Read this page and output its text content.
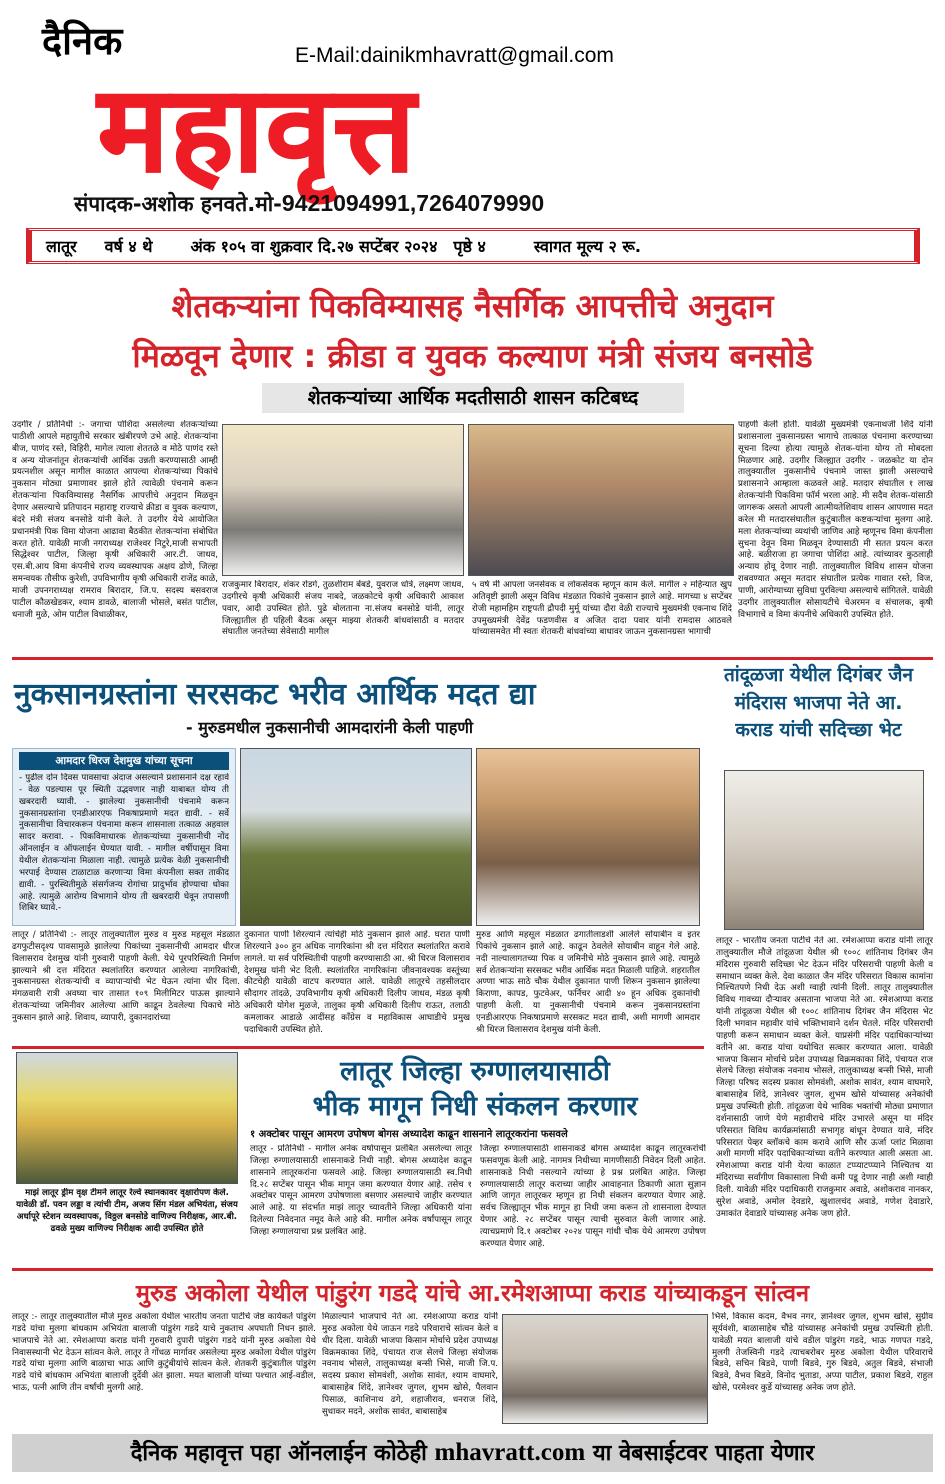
दैनिक	E-Mail:dainikmhavratt@gmail.com
महावृत्त
संपादक-अशोक हनवते.मो-9421094991,7264079990
लातूर वर्ष ४ थे अंक १०५ वा शुक्रवार दि.२७ सप्टेंबर २०२४ पृष्ठे ४	स्वागत मूल्य २ रू.
शेतकऱ्यांना पिकविम्यासह नैसर्गिक आपत्तीचे अनुदान
मिळवून देणार : क्रीडा व युवक कल्याण मंत्री संजय बनसोडे
शेतकऱ्यांच्या आर्थिक मदतीसाठी शासन कटिबध्द
उदगीर / प्रतिनिधी :- जगाचा पोशिंदा असलेल्या शेतकऱ्यांच्या पाठीशी आपले महायुतीचे सरकार खंबीरपणे उभे आहे. शेतकऱ्यांना बीज, पाणंद रस्ते, विहिरी, मागेल त्याला शेततळे व मोठे पाणंद रस्ते व अन्य योजनांतून शेतकऱ्यांची आर्थिक उन्नती करण्यासाठी आम्ही प्रयत्नशील असून मागील काळात आपल्या शेतकऱ्यांच्या पिकांचे नुकसान मोठ्या प्रमाणावर झाले होते त्यावेळी पंचनामे करून शेतकऱ्यांना पिकविम्यासह नैसर्गिक आपत्तीचे अनुदान मिळवून देणार असल्याचे प्रतिपादन महाराष्ट्र राज्याचे क्रीडा व युवक कल्याण, बंदरे मंत्री संजय बनसोडे यांनी केले. ते उदगीर येथे आयोजित प्रधानमंत्री पिक विमा योजना आढावा बैठकीत शेतकऱ्यांना संबोधित करत होते. यावेळी माजी नगराध्यक्ष राजेश्वर निटुरे,माजी सभापती सिद्धेश्वर पाटील, जिल्हा कृषी अधिकारी आर.टी. जाधव, एस.बी.आय विमा कंपनीचे राज्य व्यवस्थापक अक्षय ढोणे, जिल्हा समन्वयक तौसीफ कुरेशी, उपविभागीय कृषी अधिकारी राजेंद्र काळे, माजी उपनगराध्यक्ष रामराव बिरादार, जि.प. सदस्य बसवराज पाटील कौळखेडकर, श्याम डावळे, बालाजी भोसले, बसंत पाटील, धनाजी मुळे, ओम पाटील विधाळीकर,
राजकुमार बिरादार, शंकर रोडगे, तुळशीराम बेंबडे, युवराज धोत्रे, लक्ष्मण जाधव, उदगीरचे कृषी अधिकारी संजय नाबदे, जळकोटचे कृषी अधिकारी आकाश पवार, आदी उपस्थित होते. पुढे बोलताना ना.संजय बनसोडे यांनी, लातूर जिल्ह्यातील ही पहिली बैठक असून माझ्या शेतकरी बांधवांसाठी व मतदार संघातील जनतेच्या सेवेसाठी मागील
५ वर्ष मी आपला जनसेवक व लोकसेवक म्हणून काम केले. मागील २ महिन्यात खुप अतिवृष्टी झाली असून विविध मंडळात पिकांचे नुकसान झाले आहे. मागच्या ४ सप्टेंबर रोजी महामहिम राष्ट्रपती द्रौपदी मुर्मू यांच्या दौरा वेळी राज्याचे मुख्यमंत्री एकनाथ शिंदे उपमुख्यमंत्री देवेंद्र फडणवीस व अजित दादा पवार यांनी रामदास आठवले यांच्यासमवेत मी स्वतः शेतकरी बांधवांच्या बाधावर जाऊन नुकसानग्रस्त भागाची
पाहणी केली होती. यावेळी मुख्यमंत्री एकनाथजी शिंदे यांनी प्रशासनाला नुकसानग्रस्त भागाचे तात्काळ पंचनामा करण्याच्या सूचना दिल्या होत्या त्यामुळे शेतक-यांना योग्य तो मोबदला मिळणार आहे. उदगीर जिल्ह्यात उदगीर - जळकोट या दोन तालुक्यातील नुकसानीचे पंचनामे जास्त झाली असल्याचे प्रशासनाने आम्हाला कळवले आहे. मतदार संघातील १ लाख शेतकऱ्यांनी पिकविमा फॉर्म भरला आहे. मी सदैव शेतक-यांसाठी जागरूक असतो आपली आत्मीयतेशिवाय शासन आपणास मदत करेल मी मतदारसंघातील कुटुंबातील कष्टकऱ्यांचा मुलगा आहे. मला शेतकऱ्यांच्या व्यथांची जाणिव आहे म्हणूनच विमा कंपनीला सुचना देवून विमा मिळवून देण्यासाठी मी सतत प्रयत्न करत आहे. बळीराजा हा जगाचा पोशिंदा आहे. त्यांच्यावर कुठलाही अन्याय होवू देणार नाही. तालुक्यातील विविध शासन योजना राबवण्यात असून मतदार संघातील प्रत्येक गावात रस्ते, विज, पाणी, आरोग्याच्या सुविधा पुरविल्या असल्याचे सांगितले. यावेळी उदगीर तालुक्यातील सोसायटीचे चेअरमन व संचालक, कृषी विभागाचे व विमा कंपनीचे अधिकारी उपस्थित होते.
नुकसानग्रस्तांना सरसकट भरीव आर्थिक मदत द्या
- मुरुडमधील नुकसानीची आमदारांनी केली पाहणी
आमदार धिरज देशमुख यांच्या सूचना
- पुढील दोन दिवस पावसाचा अंदाज असल्याने प्रशासनाने दक्ष रहावे - वेळ पडल्यास पूर स्थिती उद्भवणार नाही याबाबत योग्य ती खबरदारी घ्यावी. - झालेल्या नुकसानीची पंचनामे करून नुकसानग्रस्तांना एनडीआरएफ निकषाप्रमाणे मदत द्यावी. - सर्वे नुकसानीचा विचारकरून पंचनामा करून शासनाला तत्काळ अहवाल सादर करावा. - पिकविमाधारक शेतकऱ्यांच्या नुकसानीची नोंद ऑनलाईन व ऑफलाईन घेण्यात यावी. - मागील वर्षीपासून विमा येथील शेतकऱ्यांना मिळाला नाही. त्यामुळे प्रत्येक वेळी नुकसानीची भरपाई देण्यास टाळाटाळ करणाऱ्या विमा कंपनीला सक्त ताकीद द्यावी. - पुरस्थितीमुळे संसर्गजन्य रोगांचा प्रादुर्भाव होण्याचा धोका आहे. त्यामुळे आरोग्य विभागाने योग्य ती खबरदारी घेवून तपासणी शिबिर घ्यावे.-
लातूर / प्रतिनिधी :- लातूर तालुक्यातील मुरुड व मुरुड महसूल मंडळात ढगफुटीसदृश्य पावसामुळे झालेल्या पिकांच्या नुकसानीची आमदार धीरज विलासराव देशमुख यांनी गुरुवारी पाहणी केली. येथे पूरपरिस्थिती निर्माण झाल्याने श्री दत्त मंदिरात स्थलांतरित करण्यात आलेल्या नागरिकांची, नुकसानग्रस्त शेतकऱ्यांची व व्यापाऱ्यांची भेट घेऊन त्यांना धीर दिला. मंगळवारी रात्री अवघ्या चार तासात १०९ मिलीमिटर पाऊस झाल्याने शेतकऱ्यांच्या जमिनीवर आलेल्या आणि काढून ठेवलेल्या पिकाचे मोठे नुकसान झाले आहे. शिवाय, व्यापारी, दुकानदारांच्या
दुकानात पाणी शिरल्याने त्यांचेही मोठे नुकसान झाले आहे. घरात पाणी शिरल्याने ३०० हून अधिक नागरिकांना श्री दत्त मंदिरात स्थलांतरित करावे लागले. या सर्व परिस्थितीची पाहणी करण्यासाठी आ. श्री धिरज विलासराव देशमुख यांनी भेट दिली. स्थलांतरित नागरिकांना जीवनावश्यक वस्तूंच्या कीटचेही यावेळी वाटप करण्यात आले. यावेळी लातूरचे तहसीलदार सौदागर तांदळे, उपविभागीय कृषी अधिकारी दिलीप जाधव, मंडळ कृषी अधिकारी योगेश मुळजे, तालुका कृषी अधिकारी दिलीप राऊत, तलाठी कमलाकर आडाळे आदींसह काँग्रेस व महाविकास आघाडीचे प्रमुख पदाधिकारी उपस्थित होते.
मुरुड आणि महसूल मंडळात ढगातीलाडशी आलेले सोयाबीन व इतर पिकांचे नुकसान झाले आहे. काढून ठेवलेले सोयाबीन वाहून गेले आहे. नदी नाल्यालागतच्या पिक व जमिनीचे मोठे नुकसान झाले आहे. त्यामुळे सर्व शेतकऱ्यांना सरसकट भरीव आर्थिक मदत मिळाली पाहिजे. शहरातील अण्णा भाऊ साठे चौक येथील दुकानात पाणी शिरून नुकसान झालेल्या किराणा, कापड, फुटवेअर, फर्निचर आदी ४० हून अधिक दुकानांची पाहणी केली. या नुकसानीची पंचनामे करून नुकसानग्रस्तांना एनडीआरएफ निकषाप्रमाणे सरसकट मदत द्यावी, अशी मागणी आमदार श्री धिरज विलासराव देशमुख यांनी केली.
तांदूळजा येथील दिगंबर जैन
मंदिरास भाजपा नेते आ.
कराड यांची सदिच्छा भेट
लातूर - भारतीय जनता पार्टीचे नेते आ. रमेशआप्पा कराड यांनी लातूर तालुक्यातील मौजे तांदूळजा येथील श्री १००८ शांतिनाथ दिगंबर जैन मंदिरास गुरुवारी सदिच्छा भेट देऊन मंदिर परिसराची पाहणी केली व समाधान व्यक्त केले. देवा काळात जैन मंदिर परिसरात विकास कामांना निश्चितपणे निधी देऊ अशी ग्वाही त्यांनी दिली. लातूर तालुक्यातील विविध गावच्या दौऱ्यावर असताना भाजपा नेते आ. रमेशआप्पा कराड यांनी तांदूळजा येथील श्री १००८ शांतिनाथ दिगंबर जैन मंदिरास भेट दिली भगवान महावीर यांचे भक्तिभावाने दर्शन घेतले. मंदिर परिसराची पाहणी करून समाधान व्यक्त केले. याप्रसंगी मंदिर पदाधिकाऱ्यांच्या वतीने आ. कराड यांचा यथोचित सत्कार करण्यात आला. यावेळी भाजपा किसान मोर्चाचे प्रदेश उपाध्यक्ष विक्रमकाका शिंदे, पंचायत राज सेलचे जिल्हा संयोजक नवनाथ भोसले, तालुकाध्यक्ष बन्सी भिसे, माजी जिल्हा परिषद सदस्य प्रकाश सोमवंशी, अशोक सावंत, श्याम वाघमारे, बाबासाहेब शिंदे, ज्ञानेश्वर जुगल, शुभम खोसे यांच्यासह अनेकांची प्रमुख उपस्थिती होती. तांदूळजा येथे भाविक भक्तांची मोठ्या प्रमाणात दर्शनासाठी जाणे येणे महावीराचे मंदिर उभारले असून या मंदिर परिसरात विविध कार्यक्रमांसाठी सभागृह बांधून देण्यात यावे, मंदिर परिसरात पेव्हर ब्लॉकचे काम करावे आणि सौर ऊर्जा प्लांट मिळावा अशी मागणी मंदिर पदाधिकाऱ्यांच्या वतीने करण्यात आली असता आ. रमेशआप्पा कराड यांनी येत्या काळात टप्प्याटप्प्याने निश्चितच या मंदिराच्या सर्वांगीण विकासाला निधी कमी पडू देणार नाही अशी ग्वाही दिली. यावेळी मंदिर पदाधिकारी राजकुमार अवाडे, अशोकराव नानकर, सुरेश अवाडे, अमोल देवडारे, खुशालचंद अवाडे, गणेश देवाडारे, उमाकांत देवाडारे यांच्यासह अनेक जण होते.
माझं लातूर ड्रीम वृक्ष टीमने लातूर रेल्वे स्थानकावर वृक्षारोपण केले. यावेळी डॉ. पवन लड्डा व त्यांची टीम, अजय सिंग मंडल अभियंता, संजय अर्धापूरे स्टेशन व्यवस्थापक, विठ्ठल बनसोडे वाणिज्य निरीक्षक, आर.बी. ढवळे मुख्य वाणिज्य निरीक्षक आदी उपस्थित होते
लातूर जिल्हा रुग्णालयासाठी
भीक मागून निधी संकलन करणार
१ अक्टोबर पासून आमरण उपोषण बोगस अध्यादेश काढून शासनाने लातूरकरांना फसवले
लातूर - प्रतिनिधी - मागील अनेक वर्षापासून प्रलंबित असलेल्या लातूर जिल्हा रुग्णालयासाठी शासनाकडे निधी नाही. बोगस अध्यादेश काढून शासनाने लातूरकरांना फसवले आहे. जिल्हा रुग्णालयासाठी स्व.निधी दि.२८ सप्टेंबर पासून भीक मागून जमा करण्यात येणार आहे. तसेच १ अक्टोबर पासून आमरण उपोषणाला बसणार असल्याचे जाहीर करण्यात आले आहे. या संदर्भात माझं लातूर च्यावतीने जिल्हा अधिकारी यांना दिलेल्या निवेदनात नमूद केले आहे की. मागील अनेक वर्षांपासून लातूर जिल्हा रुग्णालयाचा प्रश्न प्रलंबित आहे.
जिल्हा रुग्णालयासाठी शासनाकडे बोगस अध्यादेश काढून लातूरकरांची फसवणूक केली आहे. नागमत्र निधीच्या मागणीसाठी निवेदन दिली आहेत. शासनाकडे निधी नसल्याने त्यांच्या हे प्रश्न प्रलंबित आहेत. जिल्हा रुग्णालयासाठी लातूर कराच्या जाहीर आवाहनात ठिकाणी आता सुज्ञान आणि जागृत लातूरकर म्हणून हा निधी संकलन करण्यात येणार आहे. सर्वच जिल्ह्यातून भीक मागून हा निधी जमा करून तो शासनाला देण्यात येणार आहे. २८ सप्टेंबर पासून त्याची सुरुवात केली जाणार आहे. त्याचप्रमाणे दि.१ अक्टोबर २०२४ पासून गांधी चौक येथे आमरण उपोषण करण्यात येणार आहे.
मुरुड अकोला येथील पांडुरंग गडदे यांचे आ.रमेशआप्पा कराड यांच्याकडून सांत्वन
लातूर :- लातूर तालुक्यातील मौजे मुरुड अकोला येथील भारतीय जनता पार्टीचे जेष्ठ कार्यकर्ते पांडुरंग गडदे यांचा मुलगा बांधकाम अभियंता बालाजी पांडुरंग गडदे याचे नुकताच अपघाती निधन झाले. भाजपाचे नेते आ. रमेशआप्पा कराड यांनी गुरुवारी दुपारी पांडुरंग गडदे यांनी मुरुड अकोला येथे निवासस्थानी भेट देऊन सांत्वन केले. लातूर ते गोंधळ मार्गावर असलेल्या मुरुड अकोला येथील पांडुरंग गडदे यांचा मुलगा आणि बाळाचा भाऊ आणि कुटुंबीयांचे सांत्वन केले. शेतकरी कुटुंबातील पांडुरंग गडदे यांचे बांधकाम अभियंता बालाजी दुर्देवी अंत झाला. मयत बालाजी यांच्या पश्चात आई-वडील, भाऊ, पत्नी आणि तीन वर्षांची मुलगी आहे.
मिळाल्याने भाजपाचे नेते आ. रमेशआप्पा कराड यांनी मुरुड अकोला येथे जाऊन गडदे परिवाराचे सांत्वन केले व धीर दिला. यावेळी भाजपा किसान मोर्चाचे प्रदेश उपाध्यक्ष विक्रमकाका शिंदे, पंचायत राज सेलचे जिल्हा संयोजक नवनाथ भोसले, तालुकाध्यक्ष बन्सी भिसे, माजी जि.प. सदस्य प्रकाश सोमवंशी, अशोक सावंत, श्याम वाघमारे, बाबासाहेब शिंदे, ज्ञानेश्वर जुगल, शुभम खोसे, पैलवान पिसाळ, काशिनाथ ढगे, शहाजीराव, धनराज शिंदे, सुधाकर मदने, अशोक सावंत, बाबासाहेब
भिसे, विकास कदम, वैभव नगर, ज्ञानेश्वर जुगल, शुभम खोसे, सुग्रीव सूर्यवंशी, बाळासाहेब चौंडे यांच्यासह अनेकांची प्रमुख उपस्थिती होती. यावेळी मयत बालाजी यांचे वडील पांडुरंग गडदे, भाऊ गणपत गडदे, मुलगी तेजस्विनी गडदे त्याचबरोबर मुरुड अकोला येथील परिवाराचे बिडवे, सचिन बिडवे, पाणी बिडवे, गुरु बिडवे, अतुल बिडवे, संभाजी बिडवे, वैभव बिडवे, विनोद भुताडा, अप्पा पाटील, प्रकाश बिडवे, राहुल खोसे, परमेश्वर कुर्डे यांच्यासह अनेक जण होते.
दैनिक महावृत्त पहा ऑनलाईन कोठेही mhavratt.com या वेबसाईटवर पाहता येणार
